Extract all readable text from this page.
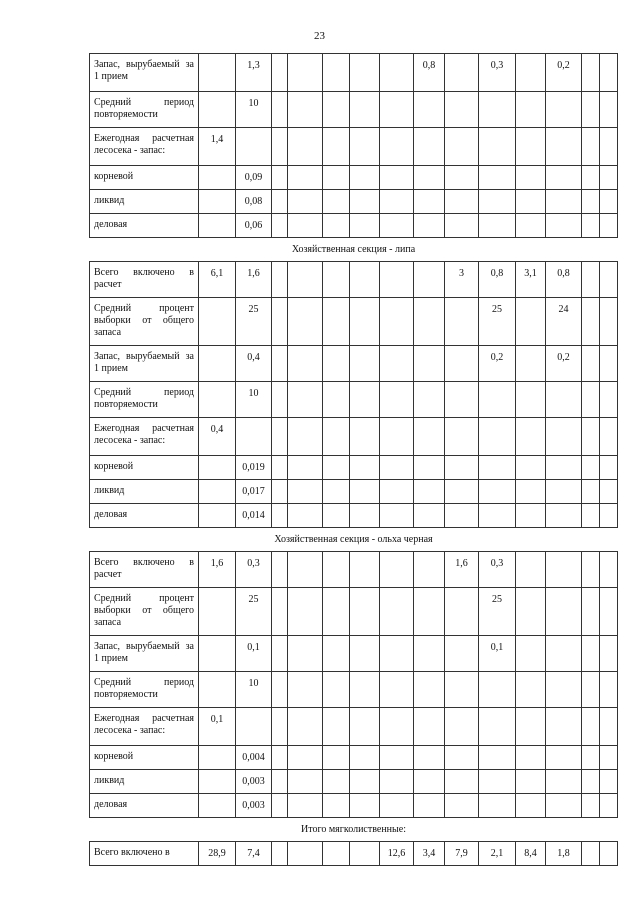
23
Запас, вырубаемый за 1 прием		1,3						0,8		0,3		0,2		
Средний период повторяемости		10												
Ежегодная расчетная лесосека - запас:	1,4													
корневой		0,09												
ликвид		0,08												
деловая		0,06												
Хозяйственная секция - липа														
Всего включено в расчет	6,1	1,6							3	0,8	3,1	0,8		
Средний процент выборки от общего запаса		25								25		24		
Запас, вырубаемый за 1 прием		0,4								0,2		0,2		
Средний период повторяемости		10												
Ежегодная расчетная лесосека - запас:	0,4													
корневой		0,019												
ликвид		0,017												
деловая		0,014												
Хозяйственная секция - ольха черная														
Всего включено в расчет	1,6	0,3							1,6	0,3				
Средний процент выборки от общего запаса		25								25				
Запас, вырубаемый за 1 прием		0,1								0,1				
Средний период повторяемости		10												
Ежегодная расчетная лесосека - запас:	0,1													
корневой		0,004												
ликвид		0,003												
деловая		0,003												
Итого мягколиственные:														
Всего включено в	28,9	7,4					12,6	3,4	7,9	2,1	8,4	1,8		
